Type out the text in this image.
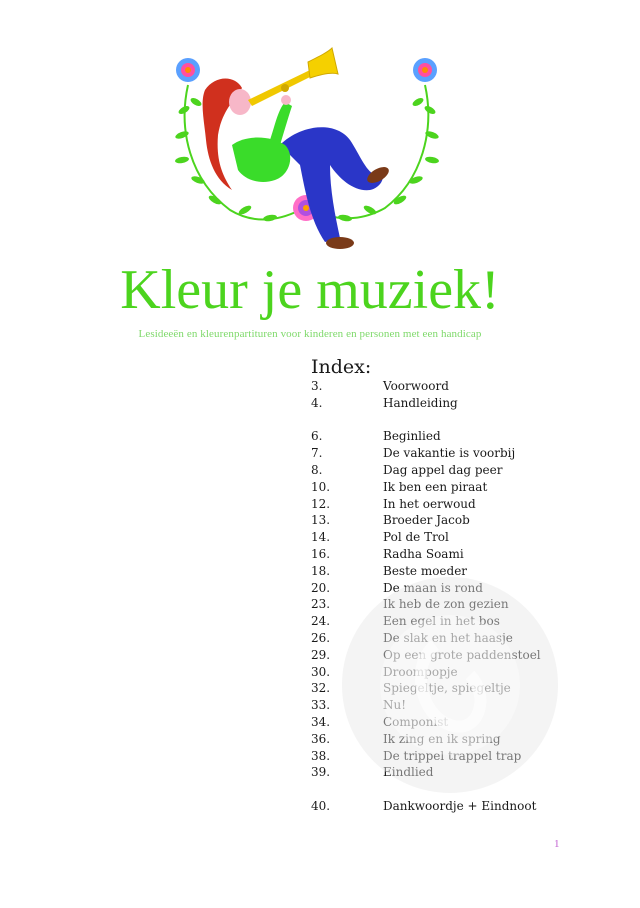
Kleur je muziek!
Lesideeën en kleurenpartituren voor kinderen en personen met een handicap
Index:
3.	Voorwoord
4.	Handleiding
6.	Beginlied
7.	De vakantie is voorbij
8.	Dag appel dag peer
10.	Ik ben een piraat
12.	In het oerwoud
13.	Broeder Jacob
14.	Pol de Trol
16.	Radha Soami
18.	Beste moeder
20.	De maan is rond
23.	Ik heb de zon gezien
24.	Een egel in het bos
26.	De slak en het haasje
29.	Op een grote paddenstoel
30.	Droompopje
32.	Spiegeltje, spiegeltje
33.	Nu!
34.	Componist
36.	Ik zing en ik spring
38.	De trippel trappel trap
39.	Eindlied
40.	Dankwoordje + Eindnoot
1
